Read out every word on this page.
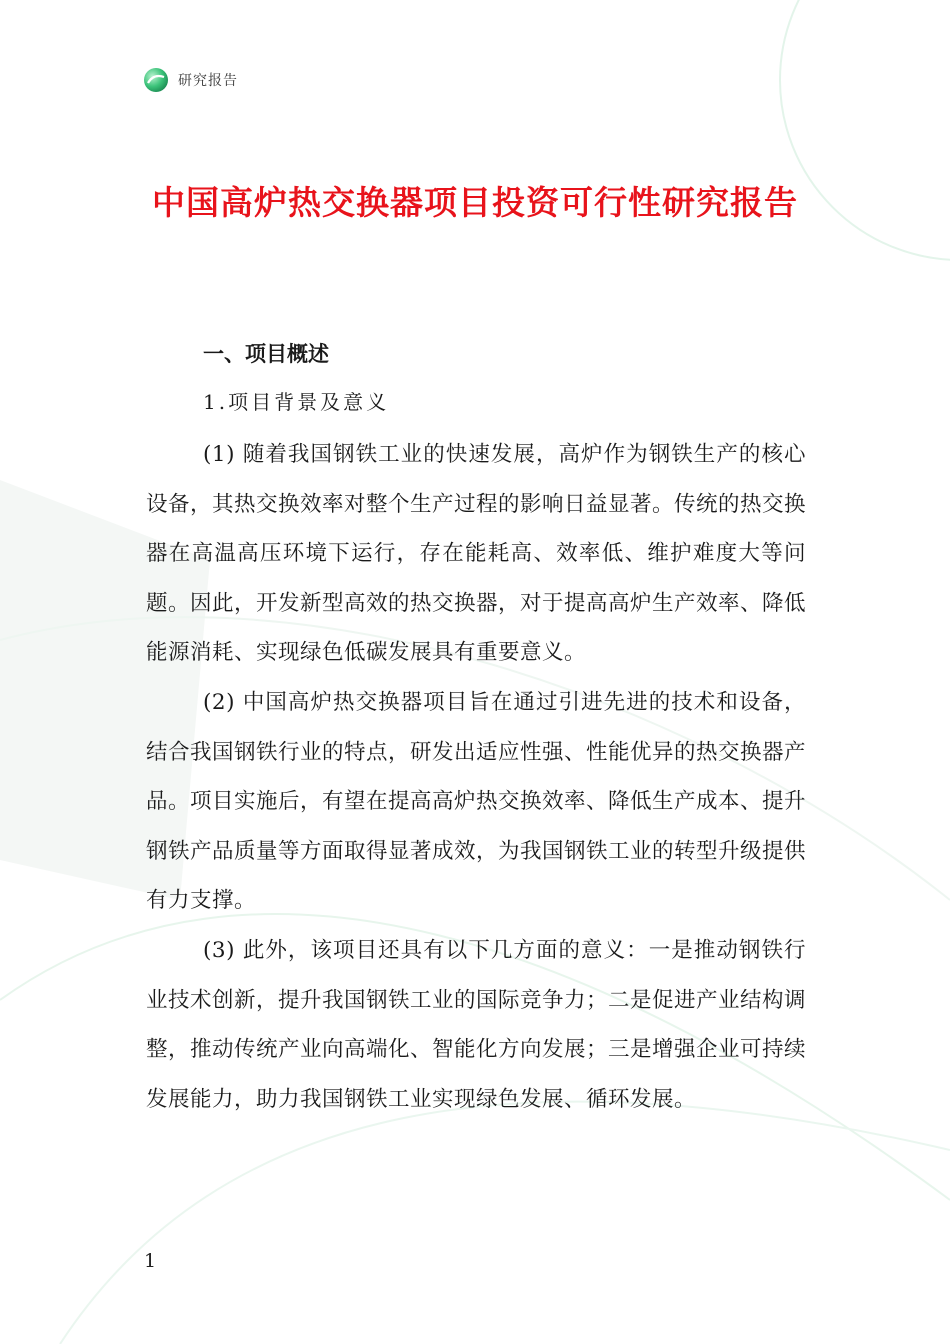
研究报告
中国高炉热交换器项目投资可行性研究报告
一、项目概述
1.项目背景及意义

(1) 随着我国钢铁工业的快速发展，高炉作为钢铁生产的核心设备，其热交换效率对整个生产过程的影响日益显著。传统的热交换器在高温高压环境下运行，存在能耗高、效率低、维护难度大等问题。因此，开发新型高效的热交换器，对于提高高炉生产效率、降低能源消耗、实现绿色低碳发展具有重要意义。

(2) 中国高炉热交换器项目旨在通过引进先进的技术和设备，结合我国钢铁行业的特点，研发出适应性强、性能优异的热交换器产品。项目实施后，有望在提高高炉热交换效率、降低生产成本、提升钢铁产品质量等方面取得显著成效，为我国钢铁工业的转型升级提供有力支撑。

(3) 此外，该项目还具有以下几方面的意义：一是推动钢铁行业技术创新，提升我国钢铁工业的国际竞争力；二是促进产业结构调整，推动传统产业向高端化、智能化方向发展；三是增强企业可持续发展能力，助力我国钢铁工业实现绿色发展、循环发展。

1
